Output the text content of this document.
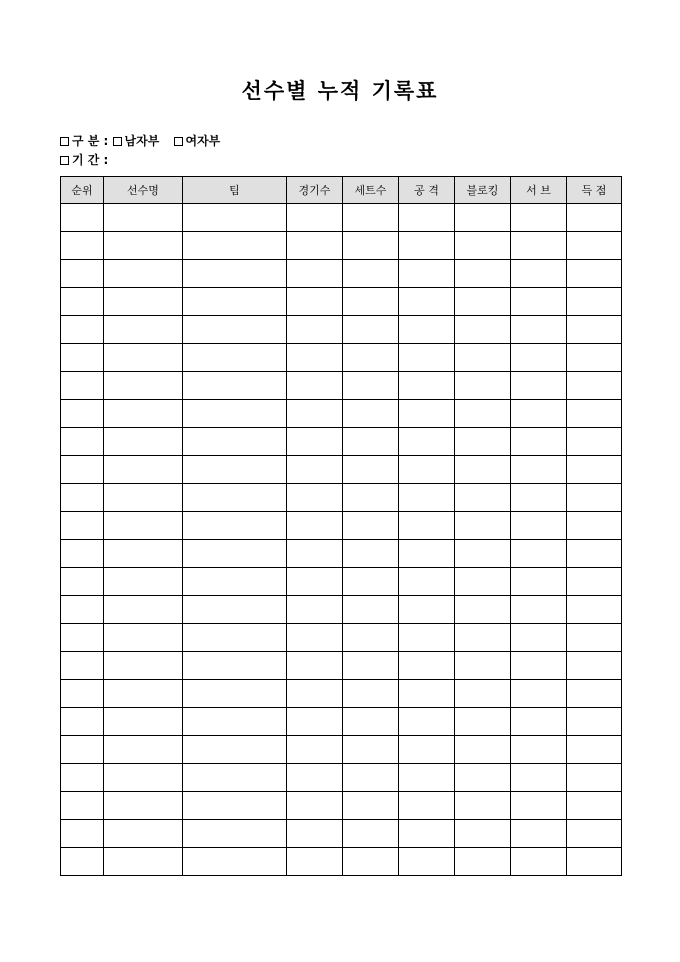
선수별 누적 기록표
구 분 : 남자부 여자부
기 간 :
순위	선수명	팀	경기수	세트수	공 격	블로킹	서 브	득 점
